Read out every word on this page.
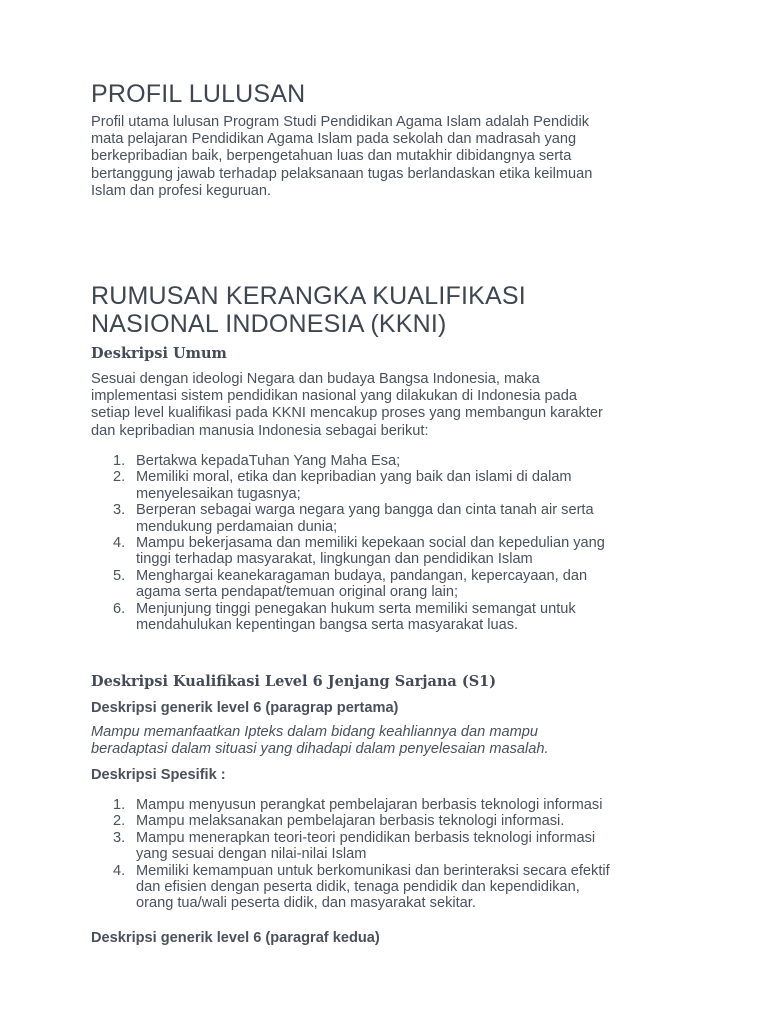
PROFIL LULUSAN
Profil utama lulusan Program Studi Pendidikan Agama Islam adalah Pendidik
mata pelajaran Pendidikan Agama Islam pada sekolah dan madrasah yang
berkepribadian baik, berpengetahuan luas dan mutakhir dibidangnya serta
bertanggung jawab terhadap pelaksanaan tugas berlandaskan etika keilmuan
Islam dan profesi keguruan.
RUMUSAN KERANGKA KUALIFIKASI
NASIONAL INDONESIA (KKNI)
Deskripsi Umum
Sesuai dengan ideologi Negara dan budaya Bangsa Indonesia, maka
implementasi sistem pendidikan nasional yang dilakukan di Indonesia pada
setiap level kualifikasi pada KKNI mencakup proses yang membangun karakter
dan kepribadian manusia Indonesia sebagai berikut:
1. Bertakwa kepadaTuhan Yang Maha Esa;
2. Memiliki moral, etika dan kepribadian yang baik dan islami di dalam
menyelesaikan tugasnya;
3. Berperan sebagai warga negara yang bangga dan cinta tanah air serta
mendukung perdamaian dunia;
4. Mampu bekerjasama dan memiliki kepekaan social dan kepedulian yang
tinggi terhadap masyarakat, lingkungan dan pendidikan Islam
5. Menghargai keanekaragaman budaya, pandangan, kepercayaan, dan
agama serta pendapat/temuan original orang lain;
6. Menjunjung tinggi penegakan hukum serta memiliki semangat untuk
mendahulukan kepentingan bangsa serta masyarakat luas.
Deskripsi Kualifikasi Level 6 Jenjang Sarjana (S1)
Deskripsi generik level 6 (paragrap pertama)
Mampu memanfaatkan Ipteks dalam bidang keahliannya dan mampu
beradaptasi dalam situasi yang dihadapi dalam penyelesaian masalah.
Deskripsi Spesifik :
1. Mampu menyusun perangkat pembelajaran berbasis teknologi informasi
2. Mampu melaksanakan pembelajaran berbasis teknologi informasi.
3. Mampu menerapkan teori-teori pendidikan berbasis teknologi informasi
yang sesuai dengan nilai-nilai Islam
4. Memiliki kemampuan untuk berkomunikasi dan berinteraksi secara efektif
dan efisien dengan peserta didik, tenaga pendidik dan kependidikan,
orang tua/wali peserta didik, dan masyarakat sekitar.
Deskripsi generik level 6 (paragraf kedua)
